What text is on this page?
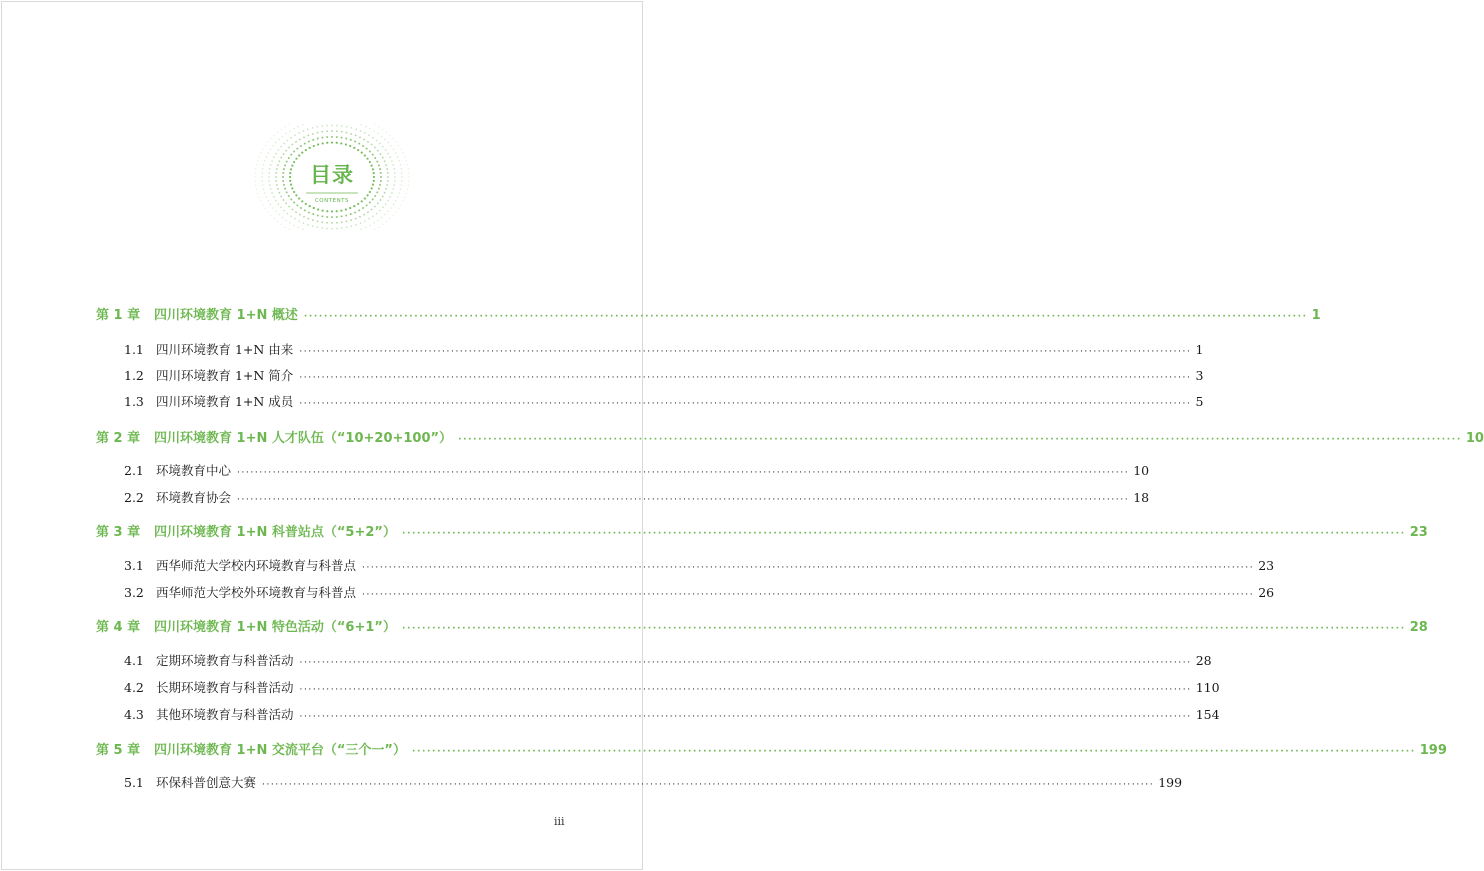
目录
CONTENTS
第 1 章	四川环境教育 1+N 概述 ········································································································································································································ 1
1.1 四川环境教育 1+N 由来 ········································································································································································································ 1
1.2 四川环境教育 1+N 简介 ········································································································································································································ 3
1.3 四川环境教育 1+N 成员 ········································································································································································································ 5
第 2 章	四川环境教育 1+N 人才队伍（“10+20+100”） ········································································································································································································ 10
2.1 环境教育中心 ········································································································································································································ 10
2.2 环境教育协会 ········································································································································································································ 18
第 3 章	四川环境教育 1+N 科普站点（“5+2”） ········································································································································································································ 23
3.1 西华师范大学校内环境教育与科普点 ········································································································································································································ 23
3.2 西华师范大学校外环境教育与科普点 ········································································································································································································ 26
第 4 章	四川环境教育 1+N 特色活动（“6+1”） ········································································································································································································ 28
4.1 定期环境教育与科普活动 ········································································································································································································ 28
4.2 长期环境教育与科普活动 ········································································································································································································ 110
4.3 其他环境教育与科普活动 ········································································································································································································ 154
第 5 章	四川环境教育 1+N 交流平台（“三个一”） ········································································································································································································ 199
5.1 环保科普创意大赛 ········································································································································································································ 199
iii
